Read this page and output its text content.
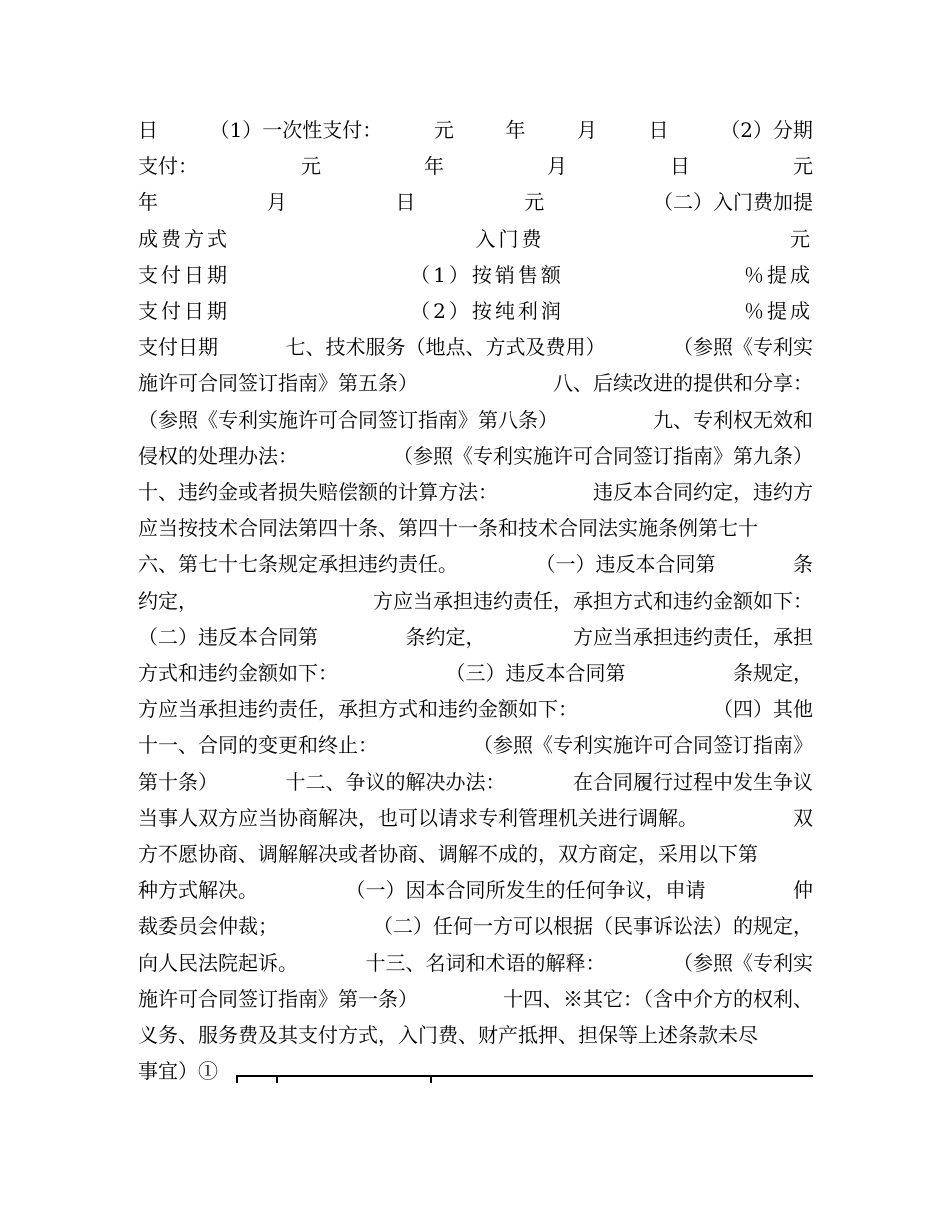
日	（1）一次性支付：	元	年	月	日	（2）分期
支付：	元	年	月	日	元
年	月	日	元	（二）入门费加提
成费方式	入门费	元
支付日期	（1）按销售额	％提成
支付日期	（2）按纯利润	％提成
支付日期	七、技术服务（地点、方式及费用）	（参照《专利实
施许可合同签订指南》第五条）	八、后续改进的提供和分享：
（参照《专利实施许可合同签订指南》第八条）	九、专利权无效和
侵权的处理办法：	（参照《专利实施许可合同签订指南》第九条）
十、违约金或者损失赔偿额的计算方法：	违反本合同约定，违约方
应当按技术合同法第四十条、第四十一条和技术合同法实施条例第七十
六、第七十七条规定承担违约责任。	（一）违反本合同第	条
约定，	方应当承担违约责任，承担方式和违约金额如下：
（二）违反本合同第	条约定，	方应当承担违约责任，承担
方式和违约金额如下：	（三）违反本合同第	条规定，
方应当承担违约责任，承担方式和违约金额如下：	（四）其他
十一、合同的变更和终止：	（参照《专利实施许可合同签订指南》
第十条）	十二、争议的解决办法：	在合同履行过程中发生争议
当事人双方应当协商解决，也可以请求专利管理机关进行调解。	双
方不愿协商、调解解决或者协商、调解不成的，双方商定，采用以下第
种方式解决。	（一）因本合同所发生的任何争议，申请	仲
裁委员会仲裁；	（二）任何一方可以根据（民事诉讼法）的规定，
向人民法院起诉。	十三、名词和术语的解释：	（参照《专利实
施许可合同签订指南》第一条）	十四、※其它：（含中介方的权利、
义务、服务费及其支付方式，入门费、财产抵押、担保等上述条款未尽
事宜）①
